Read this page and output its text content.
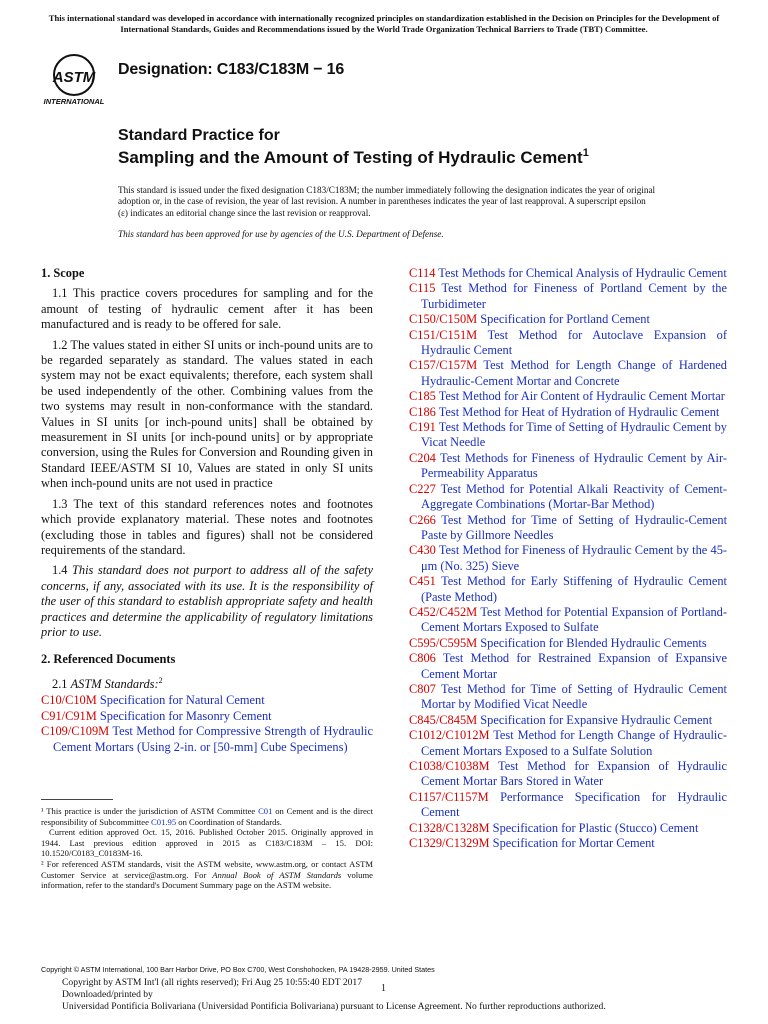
This international standard was developed in accordance with internationally recognized principles on standardization established in the Decision on Principles for the Development of International Standards, Guides and Recommendations issued by the World Trade Organization Technical Barriers to Trade (TBT) Committee.
ASTM
INTERNATIONAL
Designation: C183/C183M − 16
Standard Practice for
Sampling and the Amount of Testing of Hydraulic Cement$^1$
This standard is issued under the fixed designation C183/C183M; the number immediately following the designation indicates the year of original adoption or, in the case of revision, the year of last revision. A number in parentheses indicates the year of last reapproval. A superscript epsilon (ε) indicates an editorial change since the last revision or reapproval.
This standard has been approved for use by agencies of the U.S. Department of Defense.
1. Scope
1.1 This practice covers procedures for sampling and for the amount of testing of hydraulic cement after it has been manufactured and is ready to be offered for sale.
1.2 The values stated in either SI units or inch-pound units are to be regarded separately as standard. The values stated in each system may not be exact equivalents; therefore, each system shall be used independently of the other. Combining values from the two systems may result in non-conformance with the standard. Values in SI units [or inch-pound units] shall be obtained by measurement in SI units [or inch-pound units] or by appropriate conversion, using the Rules for Conversion and Rounding given in Standard IEEE/ASTM SI 10, Values are stated in only SI units when inch-pound units are not used in practice
1.3 The text of this standard references notes and footnotes which provide explanatory material. These notes and footnotes (excluding those in tables and figures) shall not be considered requirements of the standard.
1.4 This standard does not purport to address all of the safety concerns, if any, associated with its use. It is the responsibility of the user of this standard to establish appropriate safety and health practices and determine the applicability of regulatory limitations prior to use.
2. Referenced Documents
2.1 ASTM Standards:$^2$
C10/C10M Specification for Natural Cement
C91/C91M Specification for Masonry Cement
C109/C109M Test Method for Compressive Strength of Hydraulic Cement Mortars (Using 2-in. or [50-mm] Cube Specimens)
C114 Test Methods for Chemical Analysis of Hydraulic Cement
C115 Test Method for Fineness of Portland Cement by the Turbidimeter
C150/C150M Specification for Portland Cement
C151/C151M Test Method for Autoclave Expansion of Hydraulic Cement
C157/C157M Test Method for Length Change of Hardened Hydraulic-Cement Mortar and Concrete
C185 Test Method for Air Content of Hydraulic Cement Mortar
C186 Test Method for Heat of Hydration of Hydraulic Cement
C191 Test Methods for Time of Setting of Hydraulic Cement by Vicat Needle
C204 Test Methods for Fineness of Hydraulic Cement by Air-Permeability Apparatus
C227 Test Method for Potential Alkali Reactivity of Cement-Aggregate Combinations (Mortar-Bar Method)
C266 Test Method for Time of Setting of Hydraulic-Cement Paste by Gillmore Needles
C430 Test Method for Fineness of Hydraulic Cement by the 45-μm (No. 325) Sieve
C451 Test Method for Early Stiffening of Hydraulic Cement (Paste Method)
C452/C452M Test Method for Potential Expansion of Portland-Cement Mortars Exposed to Sulfate
C595/C595M Specification for Blended Hydraulic Cements
C806 Test Method for Restrained Expansion of Expansive Cement Mortar
C807 Test Method for Time of Setting of Hydraulic Cement Mortar by Modified Vicat Needle
C845/C845M Specification for Expansive Hydraulic Cement
C1012/C1012M Test Method for Length Change of Hydraulic-Cement Mortars Exposed to a Sulfate Solution
C1038/C1038M Test Method for Expansion of Hydraulic Cement Mortar Bars Stored in Water
C1157/C1157M Performance Specification for Hydraulic Cement
C1328/C1328M Specification for Plastic (Stucco) Cement
C1329/C1329M Specification for Mortar Cement

¹ This practice is under the jurisdiction of ASTM Committee C01 on Cement and is the direct responsibility of Subcommittee C01.95 on Coordination of Standards.

Current edition approved Oct. 15, 2016. Published October 2015. Originally approved in 1944. Last previous edition approved in 2015 as C183/C183M – 15. DOI: 10.1520/C0183_C0183M-16.

² For referenced ASTM standards, visit the ASTM website, www.astm.org, or contact ASTM Customer Service at service@astm.org. For Annual Book of ASTM Standards volume information, refer to the standard's Document Summary page on the ASTM website.

Copyright © ASTM International, 100 Barr Harbor Drive, PO Box C700, West Conshohocken, PA 19428-2959. United States
Copyright by ASTM Int'l (all rights reserved); Fri Aug 25 10:55:40 EDT 2017
Downloaded/printed by
Universidad Pontificia Bolivariana (Universidad Pontificia Bolivariana) pursuant to License Agreement. No further reproductions authorized.
1
